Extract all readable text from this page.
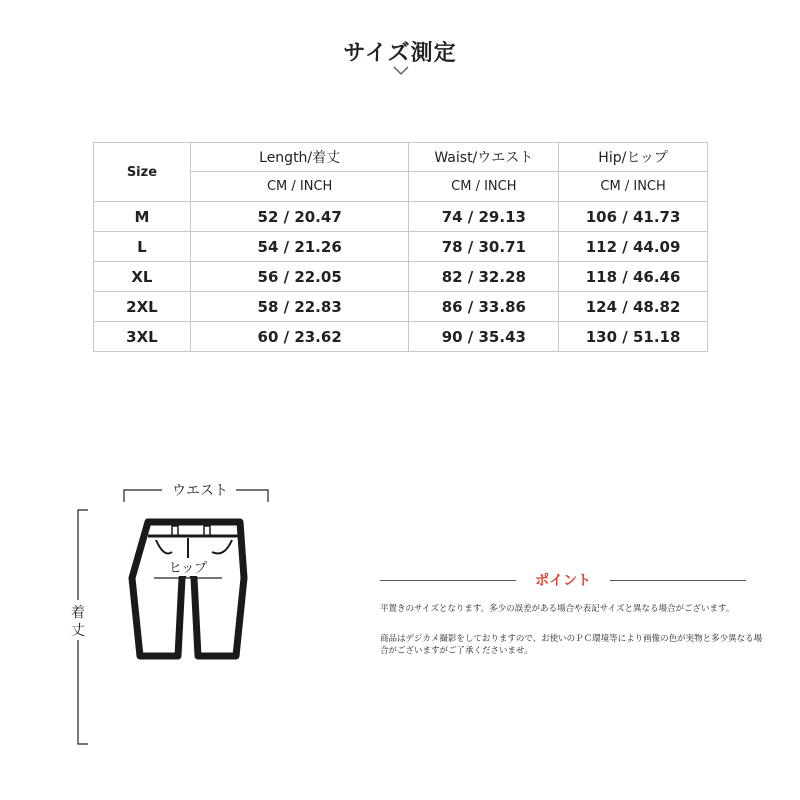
サイズ測定
Size	Length/着丈	Waist/ウエスト	Hip/ヒップ
	CM / INCH	CM / INCH	CM / INCH
M	52 / 20.47	74 / 29.13	106 / 41.73
L	54 / 21.26	78 / 30.71	112 / 44.09
XL	56 / 22.05	82 / 32.28	118 / 46.46
2XL	58 / 22.83	86 / 33.86	124 / 48.82
3XL	60 / 23.62	90 / 35.43	130 / 51.18
ウエスト
着
丈
ヒップ
ポイント
平置きのサイズとなります。多少の誤差がある場合や表記サイズと異なる場合がございます。
商品はデジカメ撮影をしておりますので、お使いのＰＣ環境等により画像の色が実物と多少異なる場合がございますがご了承くださいませ。
